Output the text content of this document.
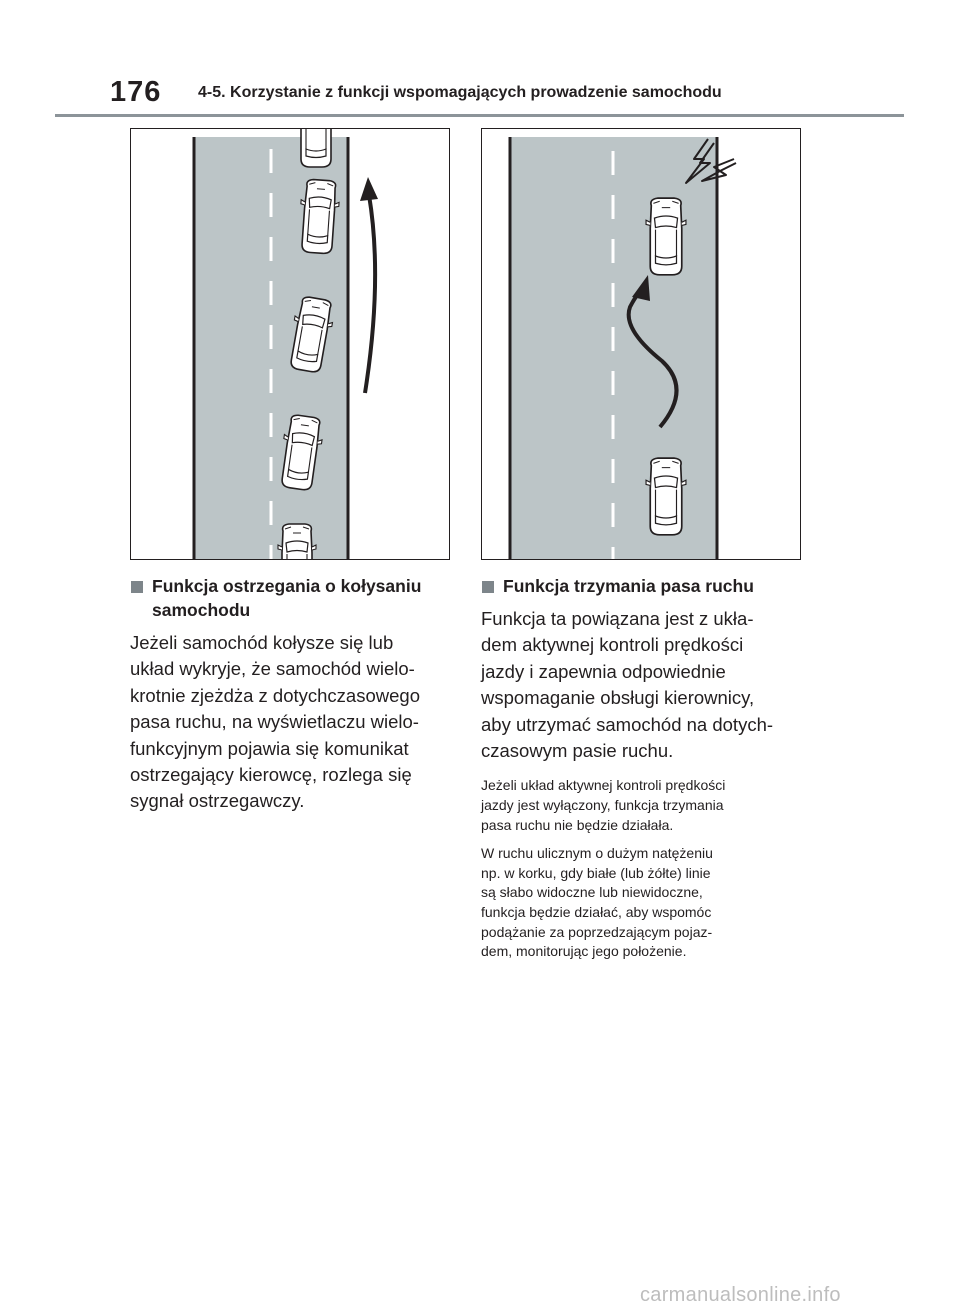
176 4-5. Korzystanie z funkcji wspomagających prowadzenie samochodu
Funkcja ostrzegania o kołysaniu
samochodu
Jeżeli samochód kołysze się lub
układ wykryje, że samochód wielo-
krotnie zjeżdża z dotychczasowego
pasa ruchu, na wyświetlaczu wielo-
funkcyjnym pojawia się komunikat
ostrzegający kierowcę, rozlega się
sygnał ostrzegawczy.
Funkcja trzymania pasa ruchu
Funkcja ta powiązana jest z ukła-
dem aktywnej kontroli prędkości
jazdy i zapewnia odpowiednie
wspomaganie obsługi kierownicy,
aby utrzymać samochód na dotych-
czasowym pasie ruchu.
Jeżeli układ aktywnej kontroli prędkości
jazdy jest wyłączony, funkcja trzymania
pasa ruchu nie będzie działała.
W ruchu ulicznym o dużym natężeniu
np. w korku, gdy białe (lub żółte) linie
są słabo widoczne lub niewidoczne,
funkcja będzie działać, aby wspomóc
podążanie za poprzedzającym pojaz-
dem, monitorując jego położenie.
carmanualsonline.info
